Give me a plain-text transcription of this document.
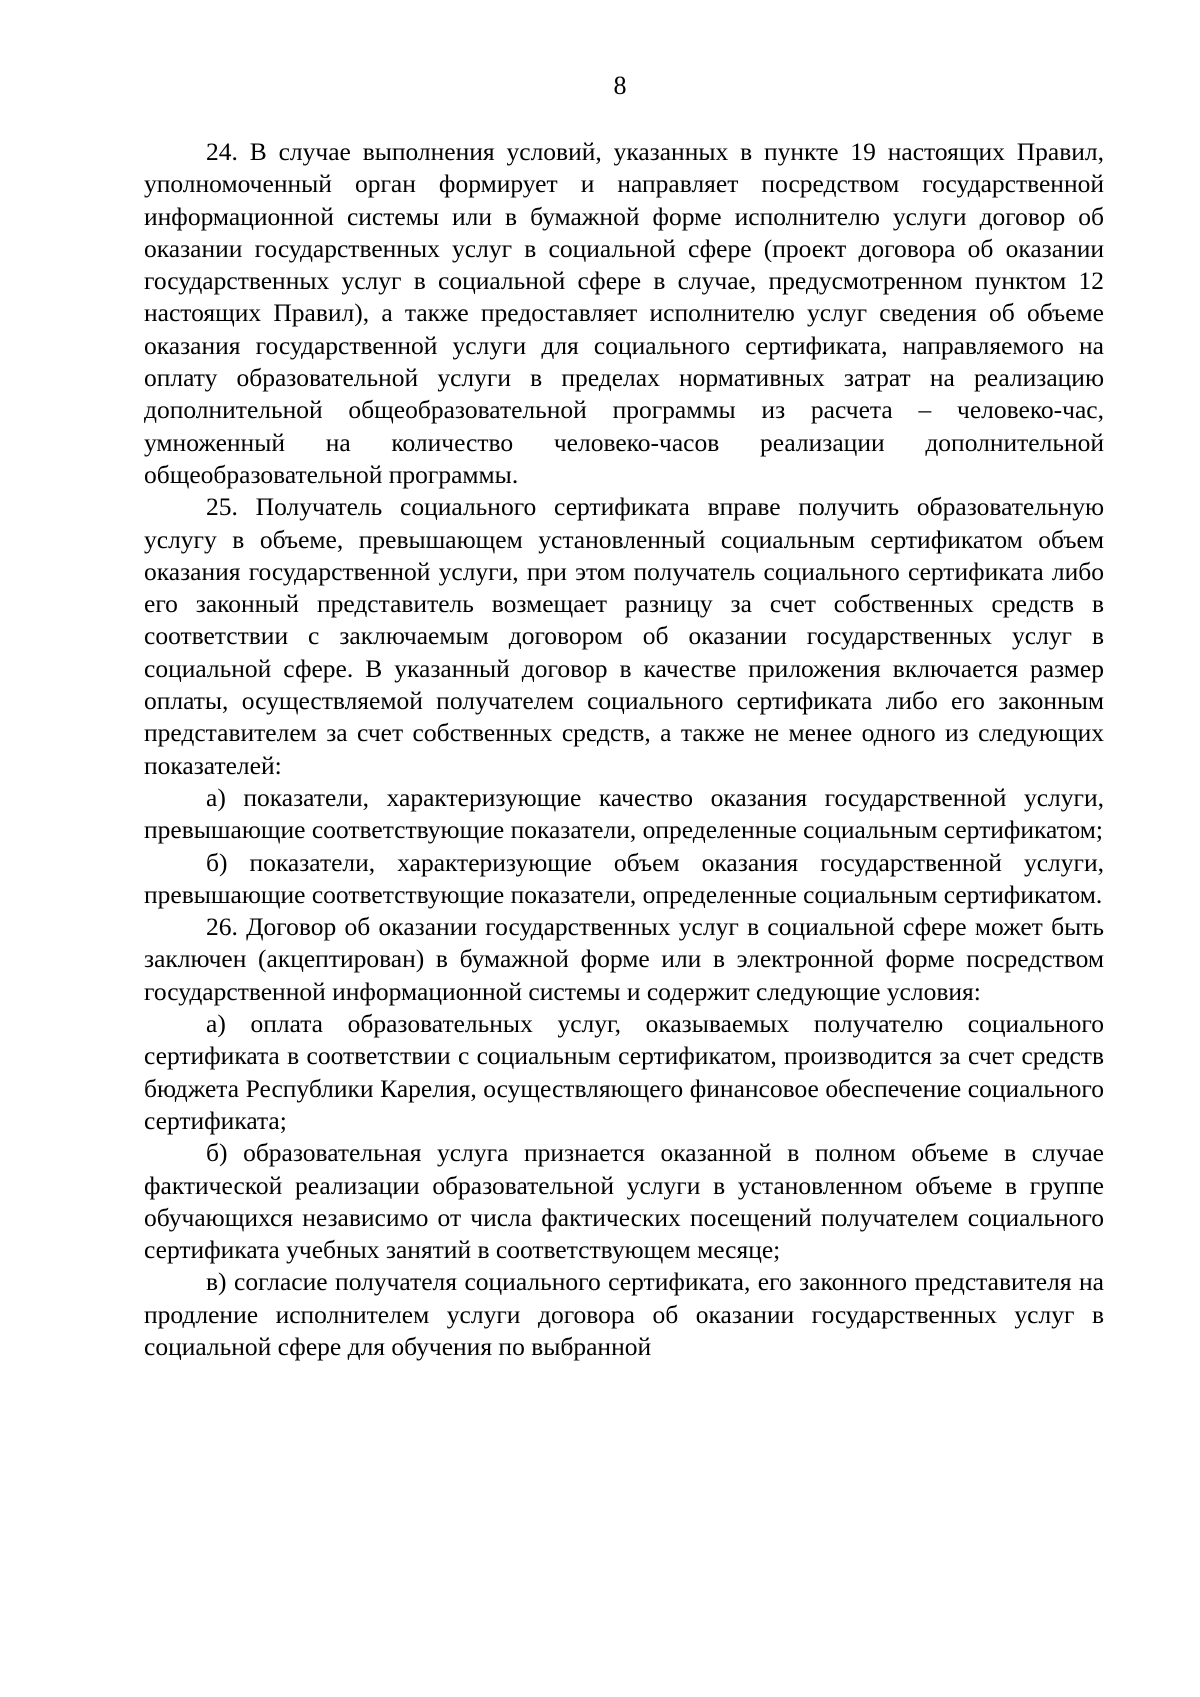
8

24. В случае выполнения условий, указанных в пункте 19 настоящих Правил, уполномоченный орган формирует и направляет посредством государственной информационной системы или в бумажной форме исполнителю услуги договор об оказании государственных услуг в социальной сфере (проект договора об оказании государственных услуг в социальной сфере в случае, предусмотренном пунктом 12 настоящих Правил), а также предоставляет исполнителю услуг сведения об объеме оказания государственной услуги для социального сертификата, направляемого на оплату образовательной услуги в пределах нормативных затрат на реализацию дополнительной общеобразовательной программы из расчета – человеко-час, умноженный на количество человеко-часов реализации дополнительной общеобразовательной программы.

25. Получатель социального сертификата вправе получить образовательную услугу в объеме, превышающем установленный социальным сертификатом объем оказания государственной услуги, при этом получатель социального сертификата либо его законный представитель возмещает разницу за счет собственных средств в соответствии с заключаемым договором об оказании государственных услуг в социальной сфере. В указанный договор в качестве приложения включается размер оплаты, осуществляемой получателем социального сертификата либо его законным представителем за счет собственных средств, а также не менее одного из следующих показателей:

а) показатели, характеризующие качество оказания государственной услуги, превышающие соответствующие показатели, определенные социальным сертификатом;

б) показатели, характеризующие объем оказания государственной услуги, превышающие соответствующие показатели, определенные социальным сертификатом.

26. Договор об оказании государственных услуг в социальной сфере может быть заключен (акцептирован) в бумажной форме или в электронной форме посредством государственной информационной системы и содержит следующие условия:

а) оплата образовательных услуг, оказываемых получателю социального сертификата в соответствии с социальным сертификатом, производится за счет средств бюджета Республики Карелия, осуществляющего финансовое обеспечение социального сертификата;

б) образовательная услуга признается оказанной в полном объеме в случае фактической реализации образовательной услуги в установленном объеме в группе обучающихся независимо от числа фактических посещений получателем социального сертификата учебных занятий в соответствующем месяце;

в) согласие получателя социального сертификата, его законного представителя на продление исполнителем услуги договора об оказании государственных услуг в социальной сфере для обучения по выбранной
